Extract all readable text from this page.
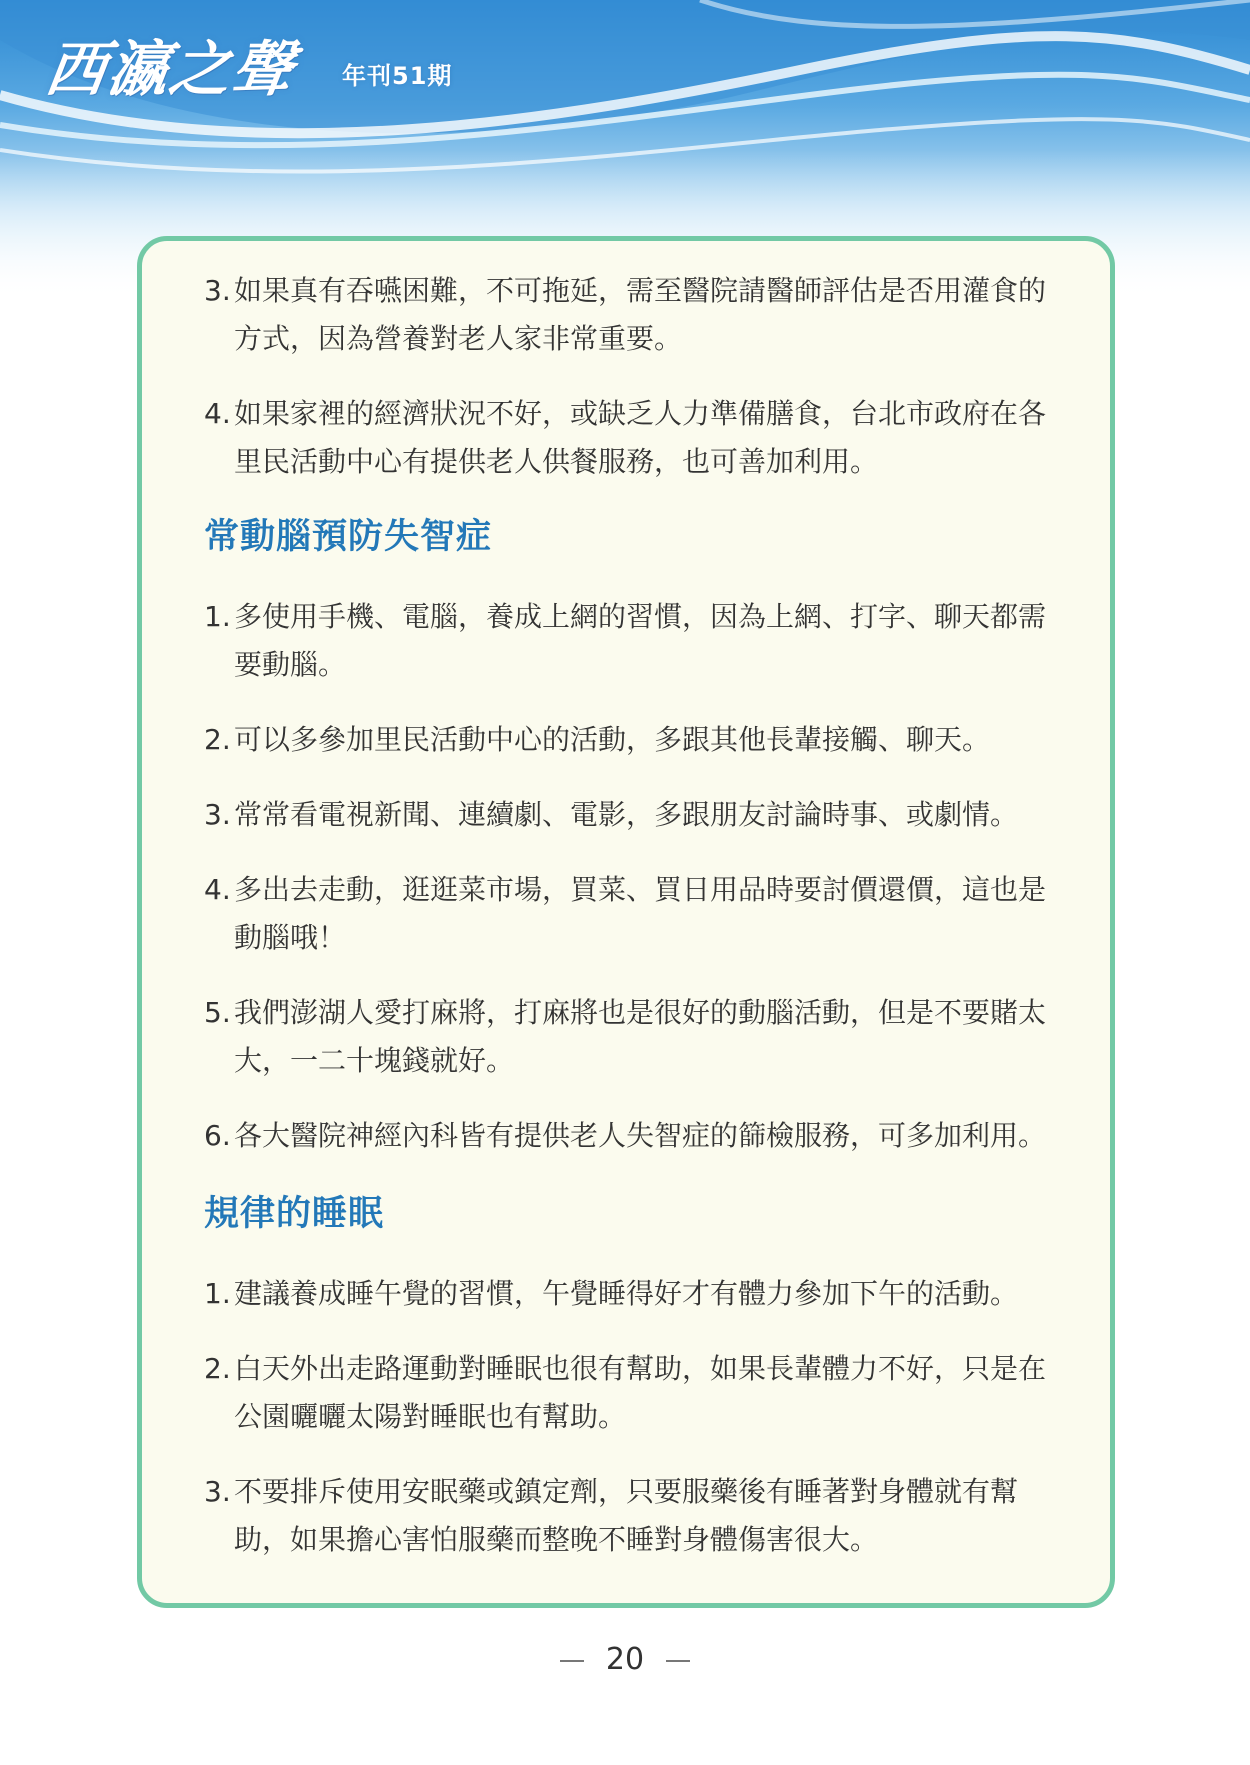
西瀛之聲 年刊51期
3. 如果真有吞嚥困難，不可拖延，需至醫院請醫師評估是否用灌食的方式，因為營養對老人家非常重要。
4. 如果家裡的經濟狀況不好，或缺乏人力準備膳食，台北市政府在各里民活動中心有提供老人供餐服務，也可善加利用。
常動腦預防失智症
1. 多使用手機、電腦，養成上網的習慣，因為上網、打字、聊天都需要動腦。
2. 可以多參加里民活動中心的活動，多跟其他長輩接觸、聊天。
3. 常常看電視新聞、連續劇、電影，多跟朋友討論時事、或劇情。
4. 多出去走動，逛逛菜市場，買菜、買日用品時要討價還價，這也是動腦哦！
5. 我們澎湖人愛打麻將，打麻將也是很好的動腦活動，但是不要賭太大，一二十塊錢就好。
6. 各大醫院神經內科皆有提供老人失智症的篩檢服務，可多加利用。
規律的睡眠
1. 建議養成睡午覺的習慣，午覺睡得好才有體力參加下午的活動。
2. 白天外出走路運動對睡眠也很有幫助，如果長輩體力不好，只是在公園曬曬太陽對睡眠也有幫助。
3. 不要排斥使用安眠藥或鎮定劑，只要服藥後有睡著對身體就有幫助，如果擔心害怕服藥而整晚不睡對身體傷害很大。
20
